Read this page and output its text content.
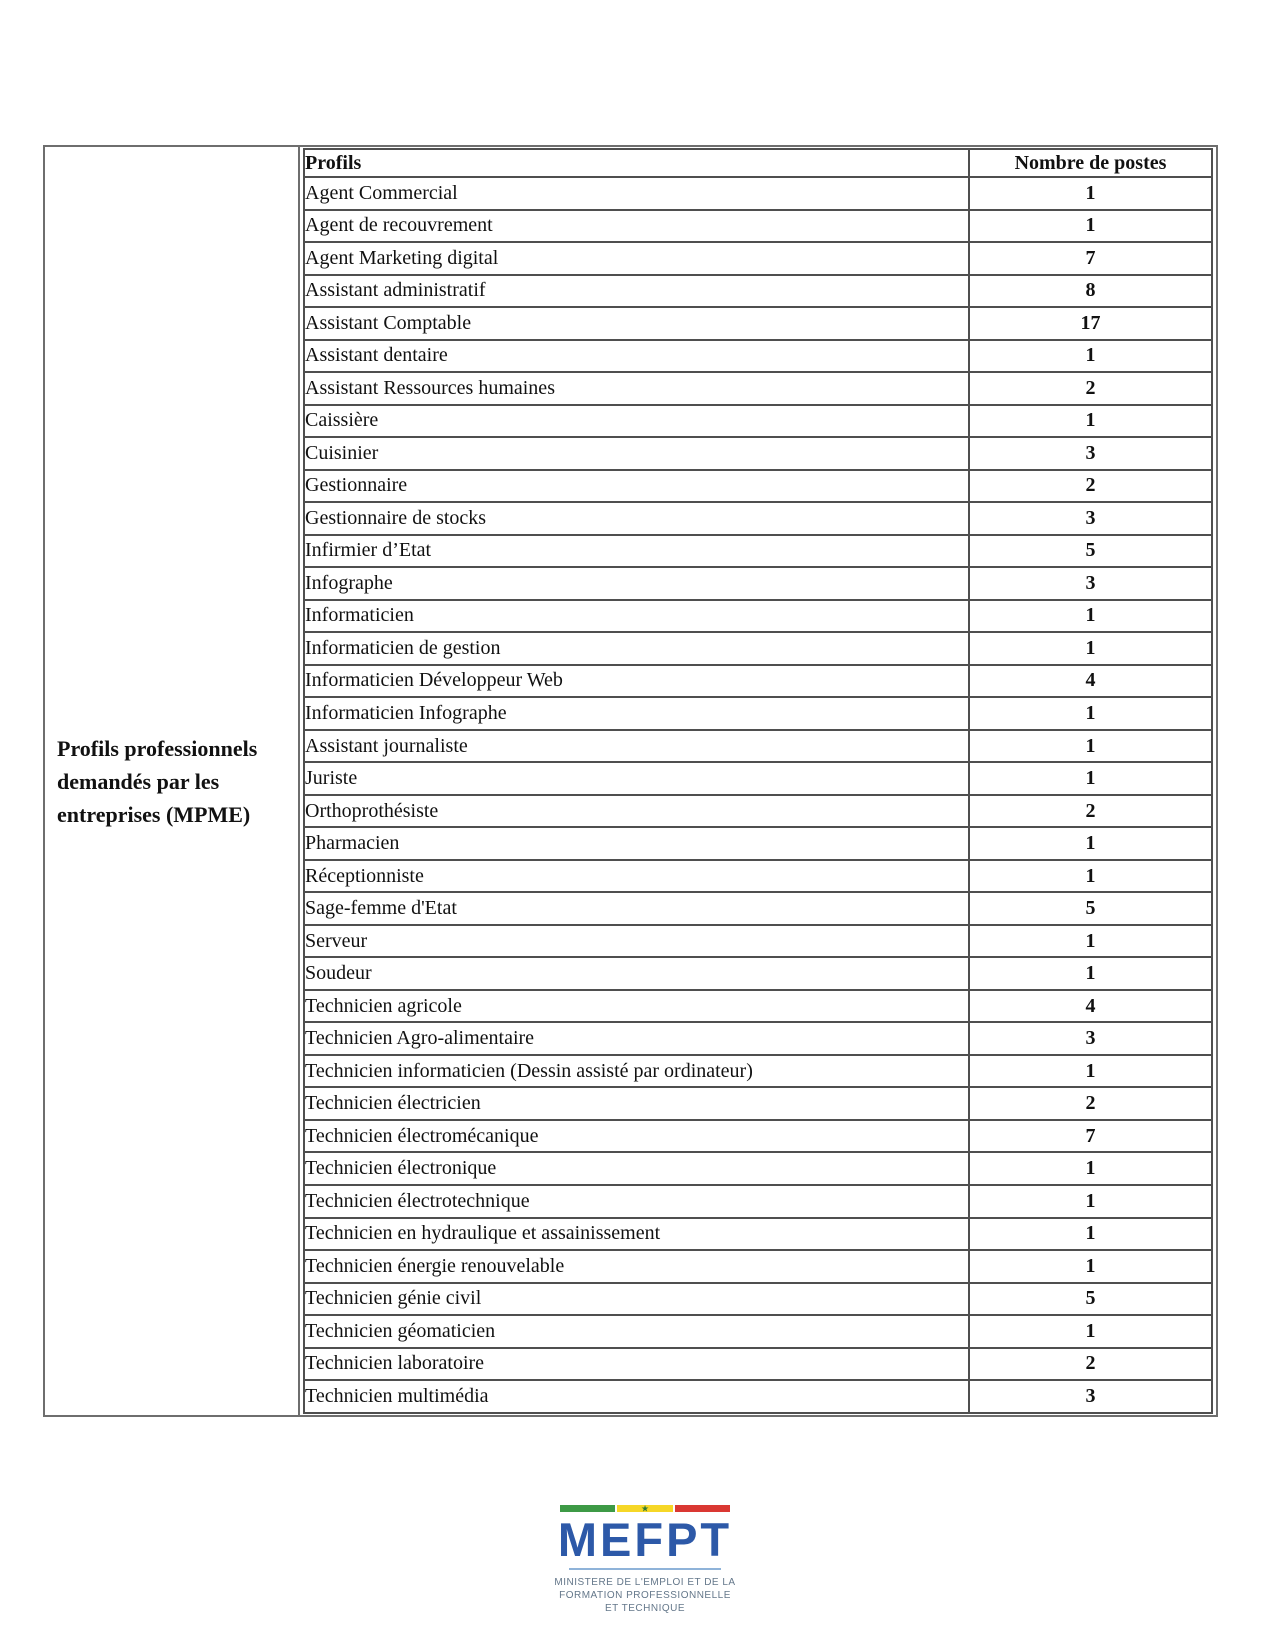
Profils professionnels demandés par les entreprises (MPME)
Profils	Nombre de postes
Agent Commercial	1
Agent de recouvrement	1
Agent Marketing digital	7
Assistant administratif	8
Assistant Comptable	17
Assistant dentaire	1
Assistant Ressources humaines	2
Caissière	1
Cuisinier	3
Gestionnaire	2
Gestionnaire de stocks	3
Infirmier d’Etat	5
Infographe	3
Informaticien	1
Informaticien de gestion	1
Informaticien Développeur Web	4
Informaticien Infographe	1
Assistant journaliste	1
Juriste	1
Orthoprothésiste	2
Pharmacien	1
Réceptionniste	1
Sage-femme d'Etat	5
Serveur	1
Soudeur	1
Technicien agricole	4
Technicien Agro-alimentaire	3
Technicien informaticien (Dessin assisté par ordinateur)	1
Technicien électricien	2
Technicien électromécanique	7
Technicien électronique	1
Technicien électrotechnique	1
Technicien en hydraulique et assainissement	1
Technicien énergie renouvelable	1
Technicien génie civil	5
Technicien géomaticien	1
Technicien laboratoire	2
Technicien multimédia	3
★
MEFPT
MINISTERE DE L'EMPLOI ET DE LA
FORMATION PROFESSIONNELLE
ET TECHNIQUE
